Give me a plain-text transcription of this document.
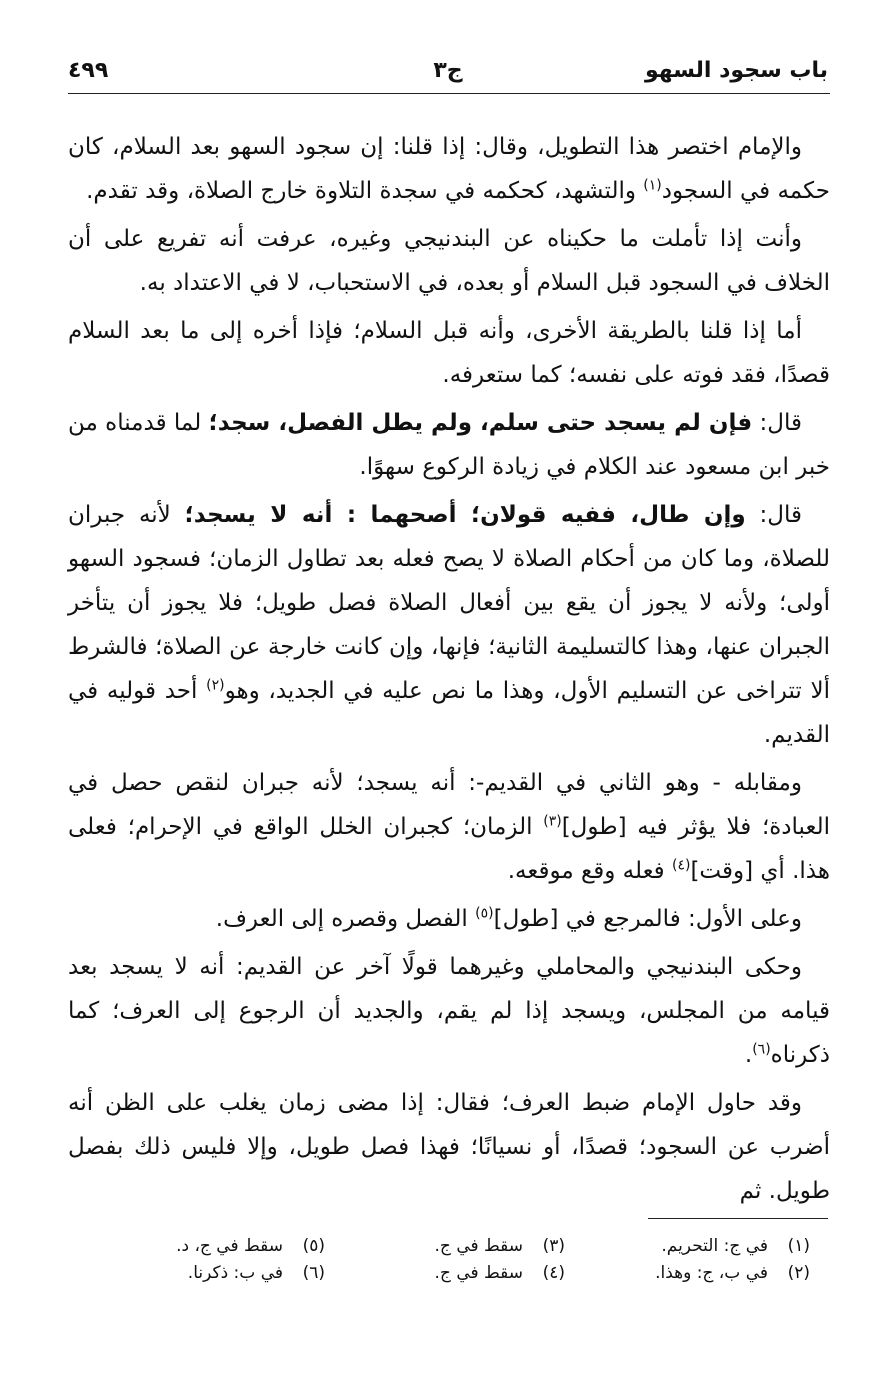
باب سجود السهو
ج٣
٤٩٩

والإمام اختصر هذا التطويل، وقال: إذا قلنا: إن سجود السهو بعد السلام، كان حكمه في السجود$^{(١)}$ والتشهد، كحكمه في سجدة التلاوة خارج الصلاة، وقد تقدم.

وأنت إذا تأملت ما حكيناه عن البندنيجي وغيره، عرفت أنه تفريع على أن الخلاف في السجود قبل السلام أو بعده، في الاستحباب، لا في الاعتداد به.

أما إذا قلنا بالطريقة الأخرى، وأنه قبل السلام؛ فإذا أخره إلى ما بعد السلام قصدًا، فقد فوته على نفسه؛ كما ستعرفه.

قال: فإن لم يسجد حتى سلم، ولم يطل الفصل، سجد؛ لما قدمناه من خبر ابن مسعود عند الكلام في زيادة الركوع سهوًا.

قال: وإن طال، ففيه قولان؛ أصحهما : أنه لا يسجد؛ لأنه جبران للصلاة، وما كان من أحكام الصلاة لا يصح فعله بعد تطاول الزمان؛ فسجود السهو أولى؛ ولأنه لا يجوز أن يقع بين أفعال الصلاة فصل طويل؛ فلا يجوز أن يتأخر الجبران عنها، وهذا كالتسليمة الثانية؛ فإنها، وإن كانت خارجة عن الصلاة؛ فالشرط ألا تتراخى عن التسليم الأول، وهذا ما نص عليه في الجديد، وهو$^{(٢)}$ أحد قوليه في القديم.

ومقابله - وهو الثاني في القديم-: أنه يسجد؛ لأنه جبران لنقص حصل في العبادة؛ فلا يؤثر فيه [طول]$^{(٣)}$ الزمان؛ كجبران الخلل الواقع في الإحرام؛ فعلى هذا. أي [وقت]$^{(٤)}$ فعله وقع موقعه.

وعلى الأول: فالمرجع في [طول]$^{(٥)}$ الفصل وقصره إلى العرف.

وحكى البندنيجي والمحاملي وغيرهما قولًا آخر عن القديم: أنه لا يسجد بعد قيامه من المجلس، ويسجد إذا لم يقم، والجديد أن الرجوع إلى العرف؛ كما ذكرناه$^{(٦)}$.

وقد حاول الإمام ضبط العرف؛ فقال: إذا مضى زمان يغلب على الظن أنه أضرب عن السجود؛ قصدًا، أو نسيانًا؛ فهذا فصل طويل، وإلا فليس ذلك بفصل طويل. ثم

(١)في ج: التحريم.
(٢)في ب، ج: وهذا.
(٣)سقط في ج.
(٤)سقط في ج.
(٥)سقط في ج، د.
(٦)في ب: ذكرنا.
